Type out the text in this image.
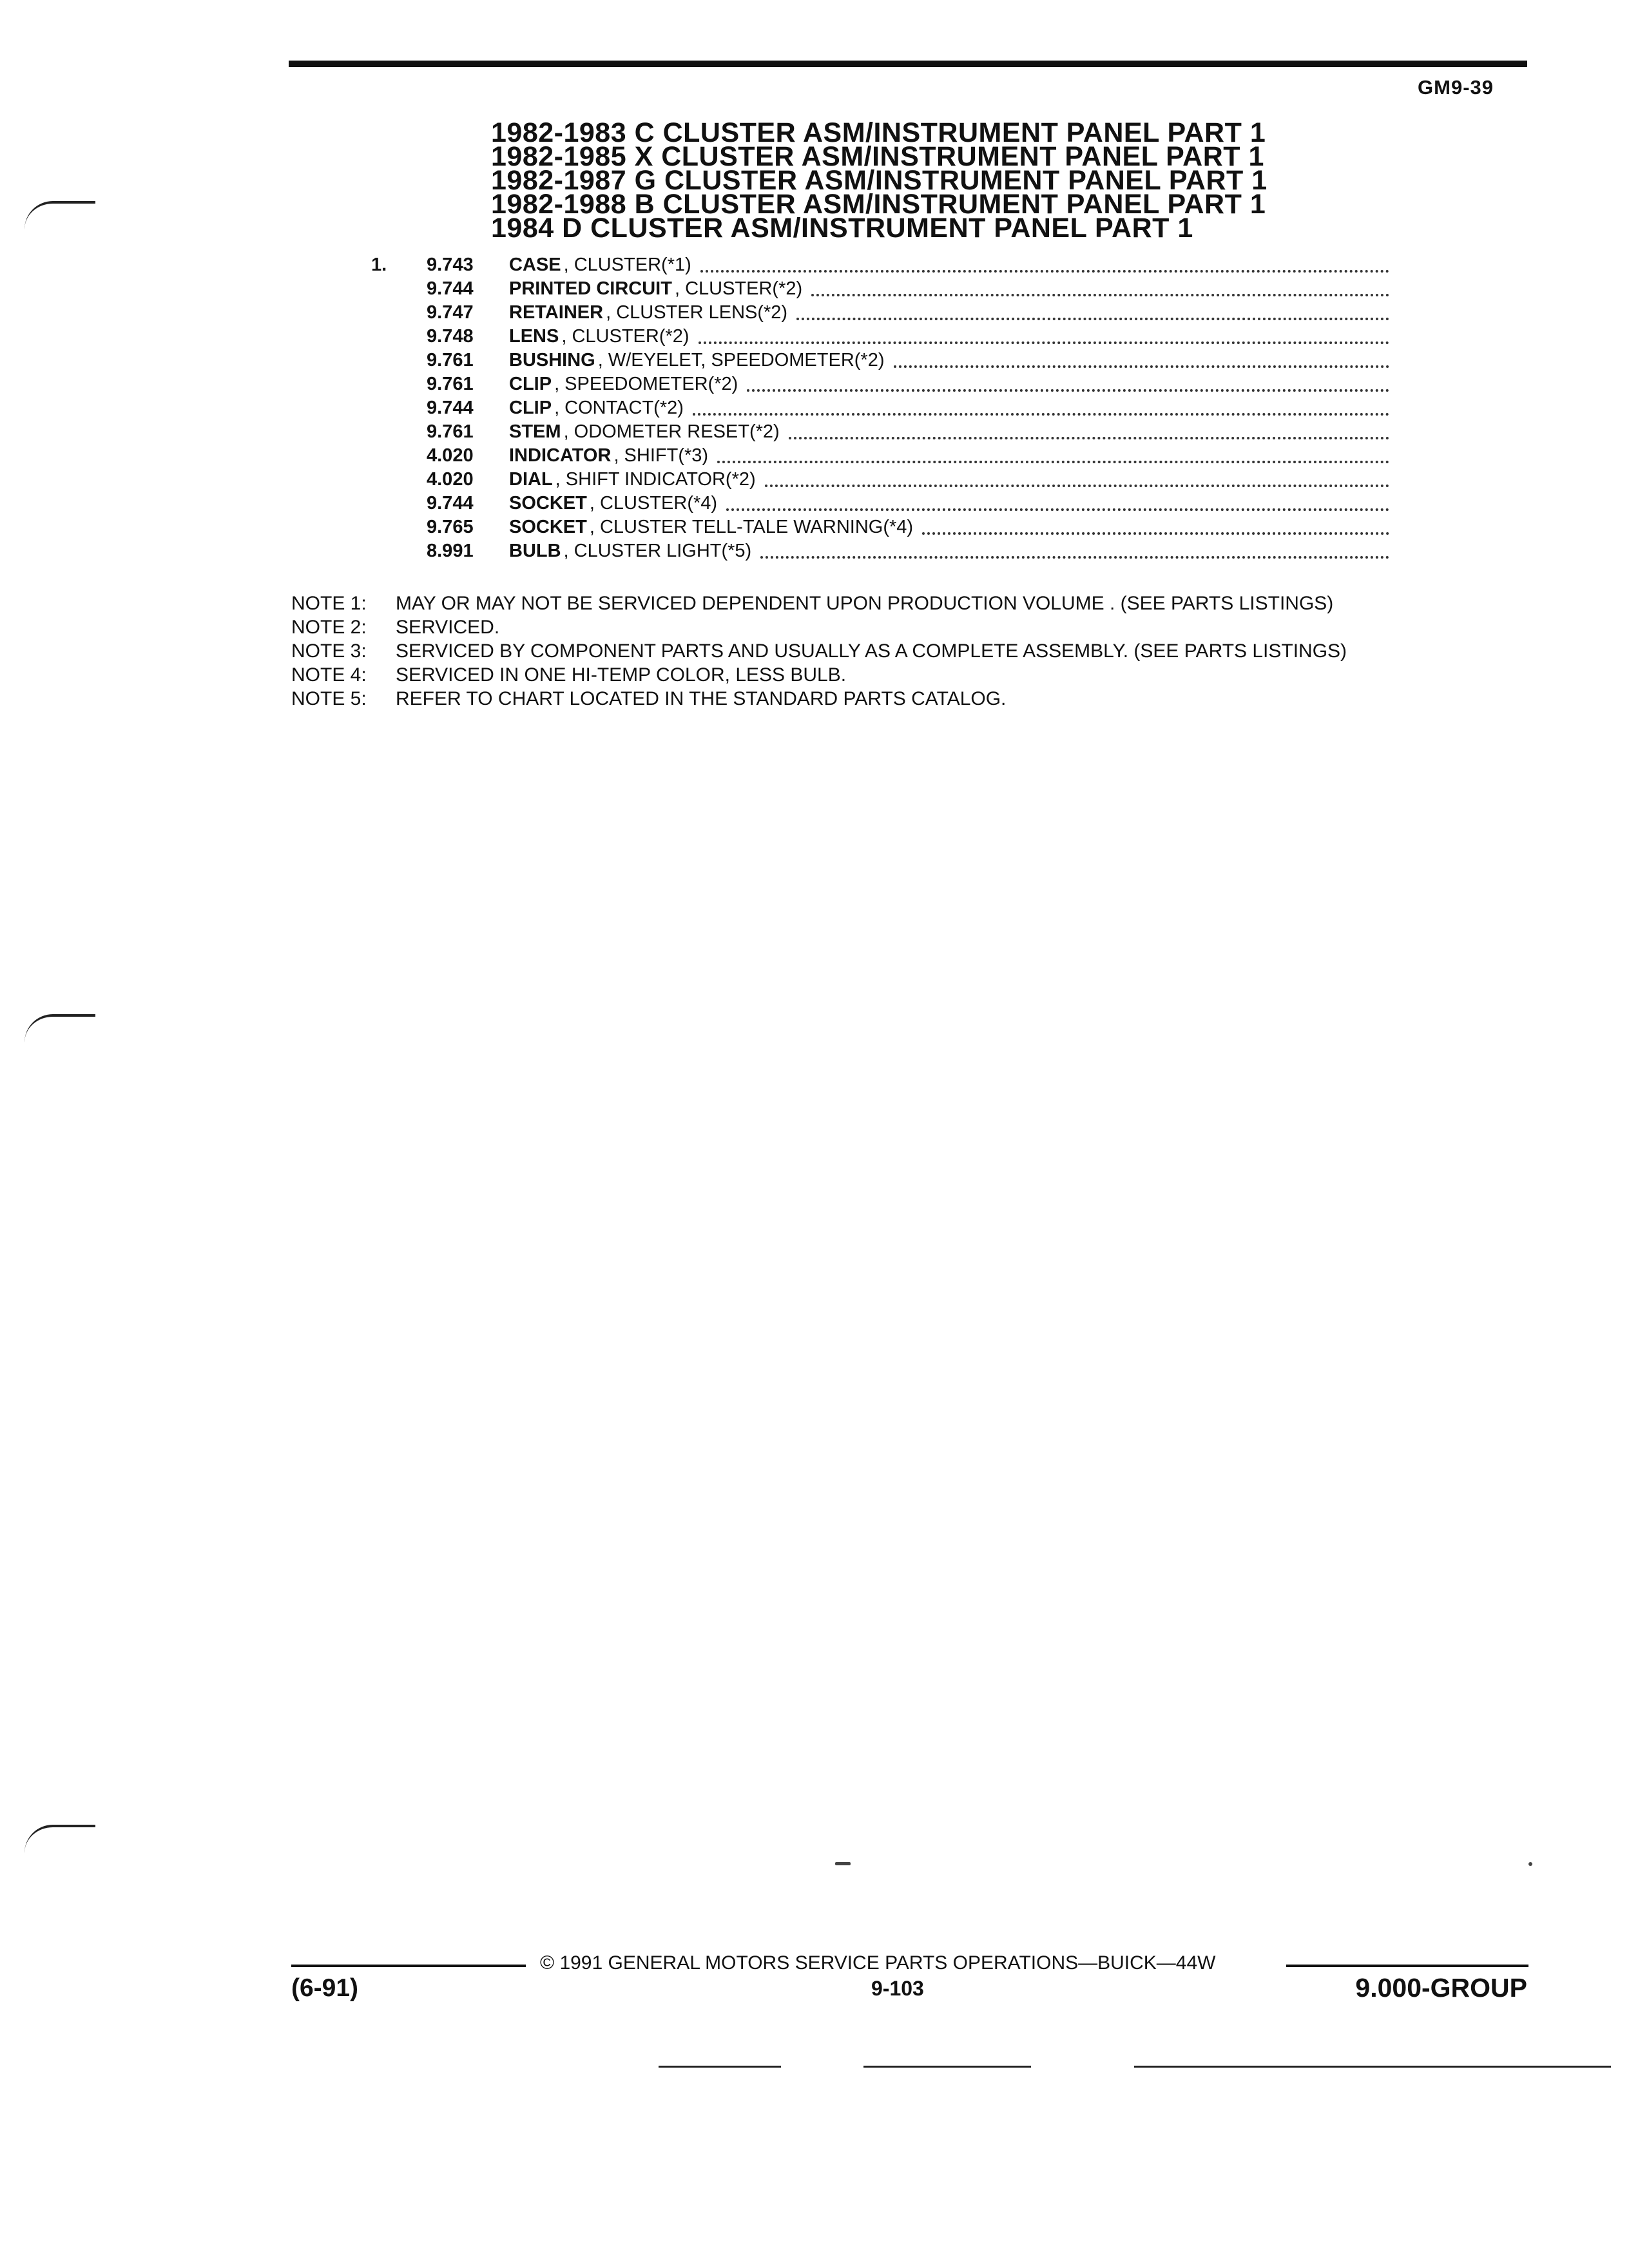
GM9-39
1982-1983 C CLUSTER ASM/INSTRUMENT PANEL PART 1
1982-1985 X CLUSTER ASM/INSTRUMENT PANEL PART 1
1982-1987 G CLUSTER ASM/INSTRUMENT PANEL PART 1
1982-1988 B CLUSTER ASM/INSTRUMENT PANEL PART 1
1984 D CLUSTER ASM/INSTRUMENT PANEL PART 1
1.	9.743	CASE , CLUSTER(*1)
9.744	PRINTED CIRCUIT , CLUSTER(*2)
9.747	RETAINER , CLUSTER LENS(*2)
9.748	LENS , CLUSTER(*2)
9.761	BUSHING , W/EYELET, SPEEDOMETER(*2)
9.761	CLIP , SPEEDOMETER(*2)
9.744	CLIP , CONTACT(*2)
9.761	STEM , ODOMETER RESET(*2)
4.020	INDICATOR , SHIFT(*3)
4.020	DIAL , SHIFT INDICATOR(*2)
9.744	SOCKET , CLUSTER(*4)
9.765	SOCKET , CLUSTER TELL-TALE WARNING(*4)
8.991	BULB , CLUSTER LIGHT(*5)
NOTE 1:	MAY OR MAY NOT BE SERVICED DEPENDENT UPON PRODUCTION VOLUME . (SEE PARTS LISTINGS)
NOTE 2:	SERVICED.
NOTE 3:	SERVICED BY COMPONENT PARTS AND USUALLY AS A COMPLETE ASSEMBLY. (SEE PARTS LISTINGS)
NOTE 4:	SERVICED IN ONE HI-TEMP COLOR, LESS BULB.
NOTE 5:	REFER TO CHART LOCATED IN THE STANDARD PARTS CATALOG.
© 1991 GENERAL MOTORS SERVICE PARTS OPERATIONS—BUICK—44W
(6-91)	9-103	9.000-GROUP
